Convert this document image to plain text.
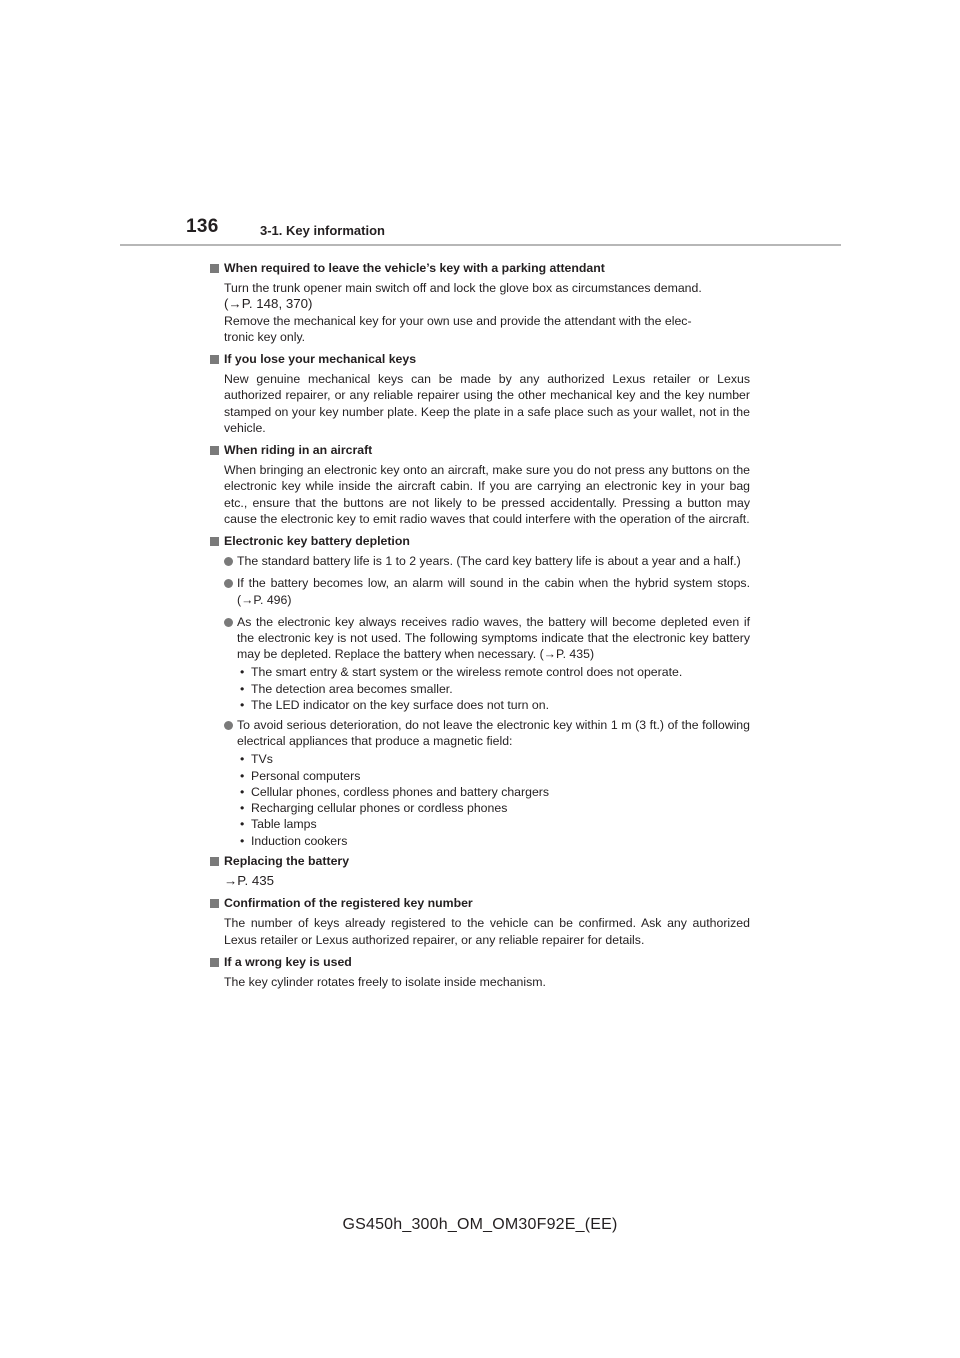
136	3-1. Key information
When required to leave the vehicle’s key with a parking attendant
Turn the trunk opener main switch off and lock the glove box as circumstances demand.
(→P. 148, 370)
Remove the mechanical key for your own use and provide the attendant with the elec-
tronic key only.
If you lose your mechanical keys
New genuine mechanical keys can be made by any authorized Lexus retailer or Lexus authorized repairer, or any reliable repairer using the other mechanical key and the key number stamped on your key number plate. Keep the plate in a safe place such as your wallet, not in the vehicle.
When riding in an aircraft
When bringing an electronic key onto an aircraft, make sure you do not press any buttons on the electronic key while inside the aircraft cabin. If you are carrying an electronic key in your bag etc., ensure that the buttons are not likely to be pressed accidentally. Pressing a button may cause the electronic key to emit radio waves that could interfere with the operation of the aircraft.
Electronic key battery depletion
The standard battery life is 1 to 2 years. (The card key battery life is about a year and a half.)
If the battery becomes low, an alarm will sound in the cabin when the hybrid system stops. (→P. 496)
As the electronic key always receives radio waves, the battery will become depleted even if the electronic key is not used. The following symptoms indicate that the electronic key battery may be depleted. Replace the battery when necessary. (→P. 435)
• The smart entry & start system or the wireless remote control does not operate.
• The detection area becomes smaller.
• The LED indicator on the key surface does not turn on.
To avoid serious deterioration, do not leave the electronic key within 1 m (3 ft.) of the following electrical appliances that produce a magnetic field:
• TVs
• Personal computers
• Cellular phones, cordless phones and battery chargers
• Recharging cellular phones or cordless phones
• Table lamps
• Induction cookers
Replacing the battery
→P. 435
Confirmation of the registered key number
The number of keys already registered to the vehicle can be confirmed. Ask any authorized Lexus retailer or Lexus authorized repairer, or any reliable repairer for details.
If a wrong key is used
The key cylinder rotates freely to isolate inside mechanism.
GS450h_300h_OM_OM30F92E_(EE)
